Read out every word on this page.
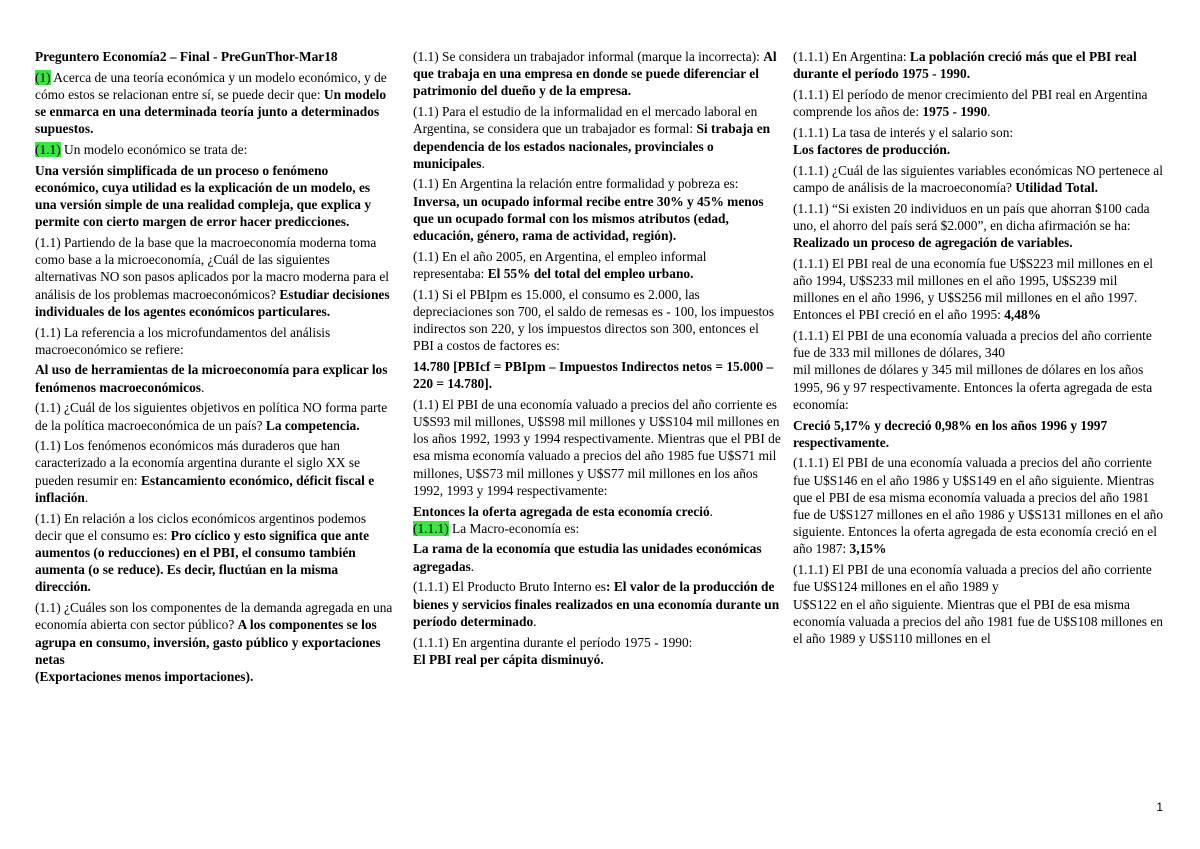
Preguntero Economía2 – Final - PreGunThor-Mar18
(1) Acerca de una teoría económica y un modelo económico, y de cómo estos se relacionan entre sí, se puede decir que: Un modelo se enmarca en una determinada teoría junto a determinados supuestos.
(1.1) Un modelo económico se trata de:
Una versión simplificada de un proceso o fenómeno económico, cuya utilidad es la explicación de un modelo, es una versión simple de una realidad compleja, que explica y permite con cierto margen de error hacer predicciones.
(1.1) Partiendo de la base que la macroeconomía moderna toma como base a la microeconomía, ¿Cuál de las siguientes alternativas NO son pasos aplicados por la macro moderna para el análisis de los problemas macroeconómicos? Estudiar decisiones individuales de los agentes económicos particulares.
(1.1) La referencia a los microfundamentos del análisis macroeconómico se refiere:
Al uso de herramientas de la microeconomía para explicar los fenómenos macroeconómicos.
(1.1) ¿Cuál de los siguientes objetivos en política NO forma parte de la política macroeconómica de un país? La competencia.
(1.1) Los fenómenos económicos más duraderos que han caracterizado a la economía argentina durante el siglo XX se pueden resumir en: Estancamiento económico, déficit fiscal e inflación.
(1.1) En relación a los ciclos económicos argentinos podemos decir que el consumo es: Pro cíclico y esto significa que ante aumentos (o reducciones) en el PBI, el consumo también aumenta (o se reduce). Es decir, fluctúan en la misma dirección.
(1.1) ¿Cuáles son los componentes de la demanda agregada en una economía abierta con sector público? A los componentes se los agrupa en consumo, inversión, gasto público y exportaciones netas
(Exportaciones menos importaciones).
(1.1) Se considera un trabajador informal (marque la incorrecta): Al que trabaja en una empresa en donde se puede diferenciar el patrimonio del dueño y de la empresa.
(1.1) Para el estudio de la informalidad en el mercado laboral en Argentina, se considera que un trabajador es formal: Si trabaja en dependencia de los estados nacionales, provinciales o municipales.
(1.1) En Argentina la relación entre formalidad y pobreza es: Inversa, un ocupado informal recibe entre 30% y 45% menos que un ocupado formal con los mismos atributos (edad, educación, género, rama de actividad, región).
(1.1) En el año 2005, en Argentina, el empleo informal representaba: El 55% del total del empleo urbano.
(1.1) Si el PBIpm es 15.000, el consumo es 2.000, las depreciaciones son 700, el saldo de remesas es - 100, los impuestos indirectos son 220, y los impuestos directos son 300, entonces el PBI a costos de factores es:
14.780 [PBIcf = PBIpm – Impuestos Indirectos netos = 15.000 – 220 = 14.780].
(1.1) El PBI de una economía valuado a precios del año corriente es U$S93 mil millones, U$S98 mil millones y U$S104 mil millones en los años 1992, 1993 y 1994 respectivamente. Mientras que el PBI de esa misma economía valuado a precios del año 1985 fue U$S71 mil millones, U$S73 mil millones y U$S77 mil millones en los años 1992, 1993 y 1994 respectivamente:
Entonces la oferta agregada de esta economía creció.
(1.1.1) La Macro-economía es:
La rama de la economía que estudia las unidades económicas agregadas.
(1.1.1) El Producto Bruto Interno es: El valor de la producción de bienes y servicios finales realizados en una economía durante un período determinado.
(1.1.1) En argentina durante el período 1975 - 1990:
El PBI real per cápita disminuyó.
(1.1.1) En Argentina: La población creció más que el PBI real durante el período 1975 - 1990.
(1.1.1) El período de menor crecimiento del PBI real en Argentina comprende los años de: 1975 - 1990.
(1.1.1) La tasa de interés y el salario son:
Los factores de producción.
(1.1.1) ¿Cuál de las siguientes variables económicas NO pertenece al campo de análisis de la macroeconomía? Utilidad Total.
(1.1.1) “Si existen 20 individuos en un país que ahorran $100 cada uno, el ahorro del país será $2.000”, en dicha afirmación se ha: Realizado un proceso de agregación de variables.
(1.1.1) El PBI real de una economía fue U$S223 mil millones en el año 1994, U$S233 mil millones en el año 1995, U$S239 mil millones en el año 1996, y U$S256 mil millones en el año 1997. Entonces el PBI creció en el año 1995: 4,48%
(1.1.1) El PBI de una economía valuada a precios del año corriente fue de 333 mil millones de dólares, 340
mil millones de dólares y 345 mil millones de dólares en los años 1995, 96 y 97 respectivamente. Entonces la oferta agregada de esta economía:
Creció 5,17% y decreció 0,98% en los años 1996 y 1997 respectivamente.
(1.1.1) El PBI de una economía valuada a precios del año corriente fue U$S146 en el año 1986 y U$S149 en el año siguiente. Mientras que el PBI de esa misma economía valuada a precios del año 1981 fue de U$S127 millones en el año 1986 y U$S131 millones en el año siguiente. Entonces la oferta agregada de esta economía creció en el año 1987: 3,15%
(1.1.1) El PBI de una economía valuada a precios del año corriente fue U$S124 millones en el año 1989 y
U$S122 en el año siguiente. Mientras que el PBI de esa misma economía valuada a precios del año 1981 fue de U$S108 millones en el año 1989 y U$S110 millones en el
1
